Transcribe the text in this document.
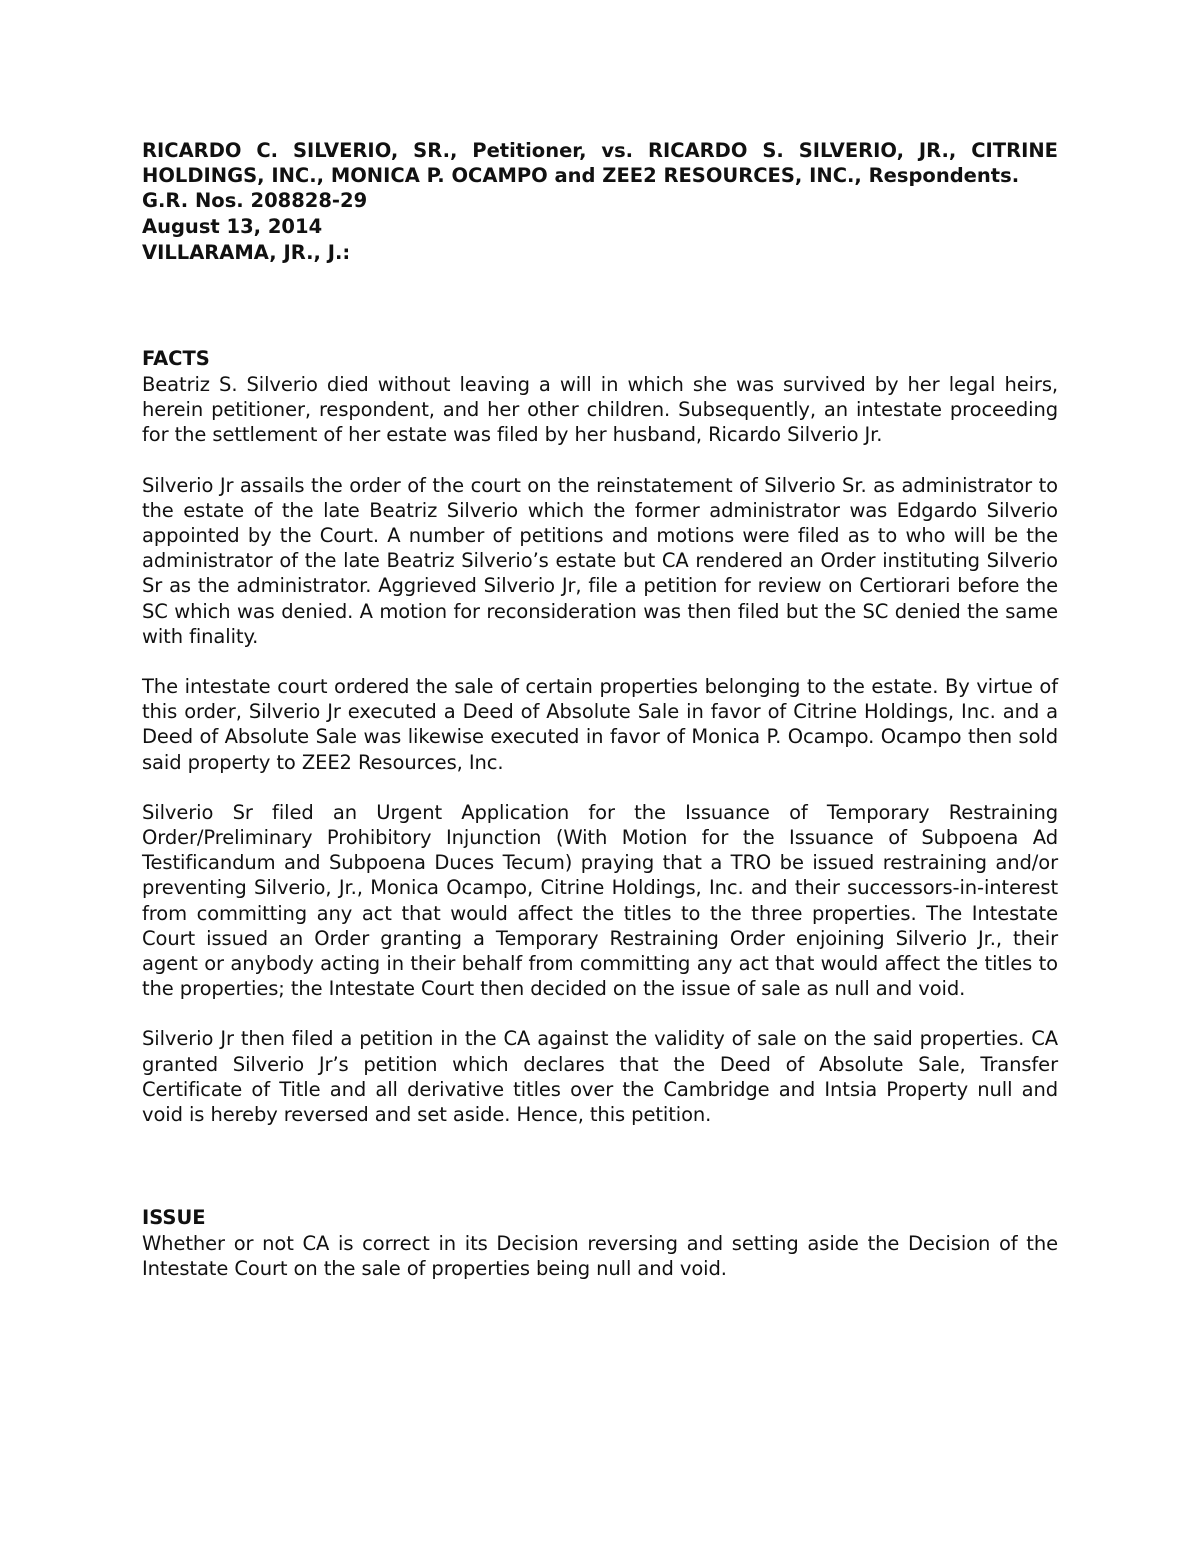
RICARDO C. SILVERIO, SR., Petitioner, vs. RICARDO S. SILVERIO, JR., CITRINE HOLDINGS, INC., MONICA P. OCAMPO and ZEE2 RESOURCES, INC., Respondents.

G.R. Nos. 208828-29

August 13, 2014

VILLARAMA, JR., J.:

FACTS

Beatriz S. Silverio died without leaving a will in which she was survived by her legal heirs, herein petitioner, respondent, and her other children. Subsequently, an intestate proceeding for the settlement of her estate was filed by her husband, Ricardo Silverio Jr.

Silverio Jr assails the order of the court on the reinstatement of Silverio Sr. as administrator to the estate of the late Beatriz Silverio which the former administrator was Edgardo Silverio appointed by the Court. A number of petitions and motions were filed as to who will be the administrator of the late Beatriz Silverio’s estate but CA rendered an Order instituting Silverio Sr as the administrator. Aggrieved Silverio Jr, file a petition for review on Certiorari before the SC which was denied. A motion for reconsideration was then filed but the SC denied the same with finality.

The intestate court ordered the sale of certain properties belonging to the estate. By virtue of this order, Silverio Jr executed a Deed of Absolute Sale in favor of Citrine Holdings, Inc. and a Deed of Absolute Sale was likewise executed in favor of Monica P. Ocampo. Ocampo then sold said property to ZEE2 Resources, Inc.

Silverio Sr filed an Urgent Application for the Issuance of Temporary Restraining Order/Preliminary Prohibitory Injunction (With Motion for the Issuance of Subpoena Ad Testificandum and Subpoena Duces Tecum) praying that a TRO be issued restraining and/or preventing Silverio, Jr., Monica Ocampo, Citrine Holdings, Inc. and their successors-in-interest from committing any act that would affect the titles to the three properties. The Intestate Court issued an Order granting a Temporary Restraining Order enjoining Silverio Jr., their agent or anybody acting in their behalf from committing any act that would affect the titles to the properties; the Intestate Court then decided on the issue of sale as null and void.

Silverio Jr then filed a petition in the CA against the validity of sale on the said properties. CA granted Silverio Jr’s petition which declares that the Deed of Absolute Sale, Transfer Certificate of Title and all derivative titles over the Cambridge and Intsia Property null and void is hereby reversed and set aside. Hence, this petition.

ISSUE

Whether or not CA is correct in its Decision reversing and setting aside the Decision of the Intestate Court on the sale of properties being null and void.
